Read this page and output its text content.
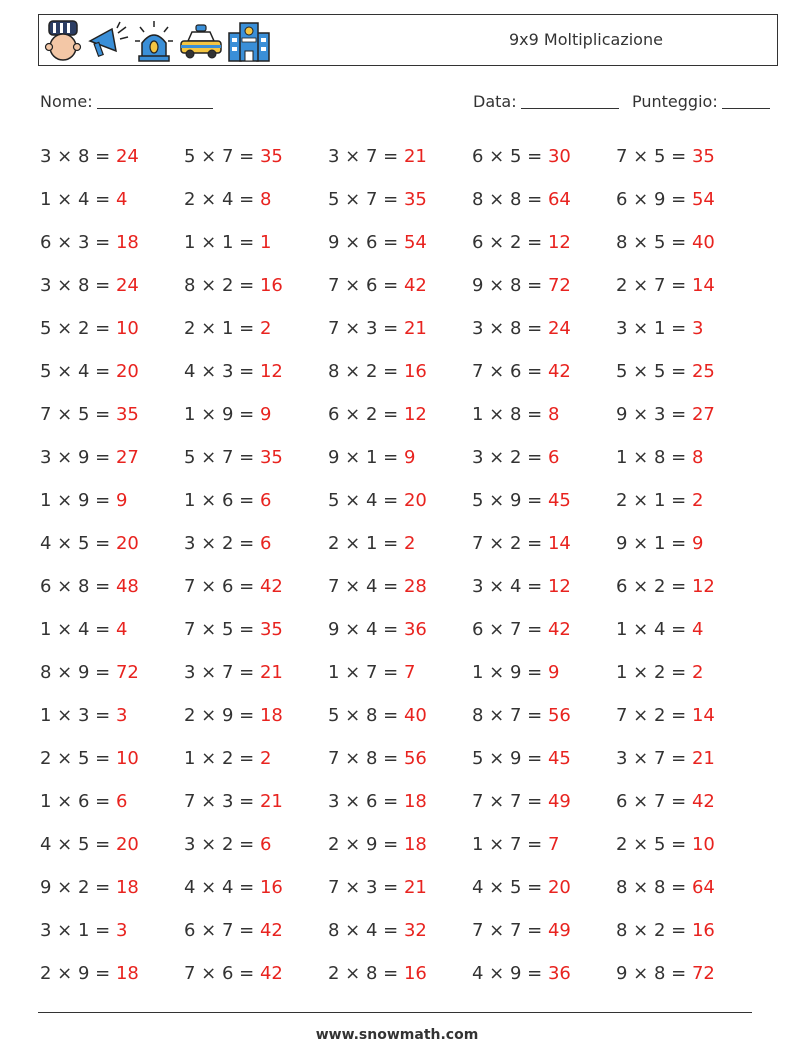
9x9 Moltiplicazione
Nome:	Data:	Punteggio:
3 × 8 = 24	5 × 7 = 35	3 × 7 = 21	6 × 5 = 30	7 × 5 = 35
1 × 4 = 4	2 × 4 = 8	5 × 7 = 35	8 × 8 = 64	6 × 9 = 54
6 × 3 = 18	1 × 1 = 1	9 × 6 = 54	6 × 2 = 12	8 × 5 = 40
3 × 8 = 24	8 × 2 = 16	7 × 6 = 42	9 × 8 = 72	2 × 7 = 14
5 × 2 = 10	2 × 1 = 2	7 × 3 = 21	3 × 8 = 24	3 × 1 = 3
5 × 4 = 20	4 × 3 = 12	8 × 2 = 16	7 × 6 = 42	5 × 5 = 25
7 × 5 = 35	1 × 9 = 9	6 × 2 = 12	1 × 8 = 8	9 × 3 = 27
3 × 9 = 27	5 × 7 = 35	9 × 1 = 9	3 × 2 = 6	1 × 8 = 8
1 × 9 = 9	1 × 6 = 6	5 × 4 = 20	5 × 9 = 45	2 × 1 = 2
4 × 5 = 20	3 × 2 = 6	2 × 1 = 2	7 × 2 = 14	9 × 1 = 9
6 × 8 = 48	7 × 6 = 42	7 × 4 = 28	3 × 4 = 12	6 × 2 = 12
1 × 4 = 4	7 × 5 = 35	9 × 4 = 36	6 × 7 = 42	1 × 4 = 4
8 × 9 = 72	3 × 7 = 21	1 × 7 = 7	1 × 9 = 9	1 × 2 = 2
1 × 3 = 3	2 × 9 = 18	5 × 8 = 40	8 × 7 = 56	7 × 2 = 14
2 × 5 = 10	1 × 2 = 2	7 × 8 = 56	5 × 9 = 45	3 × 7 = 21
1 × 6 = 6	7 × 3 = 21	3 × 6 = 18	7 × 7 = 49	6 × 7 = 42
4 × 5 = 20	3 × 2 = 6	2 × 9 = 18	1 × 7 = 7	2 × 5 = 10
9 × 2 = 18	4 × 4 = 16	7 × 3 = 21	4 × 5 = 20	8 × 8 = 64
3 × 1 = 3	6 × 7 = 42	8 × 4 = 32	7 × 7 = 49	8 × 2 = 16
2 × 9 = 18	7 × 6 = 42	2 × 8 = 16	4 × 9 = 36	9 × 8 = 72
www.snowmath.com
